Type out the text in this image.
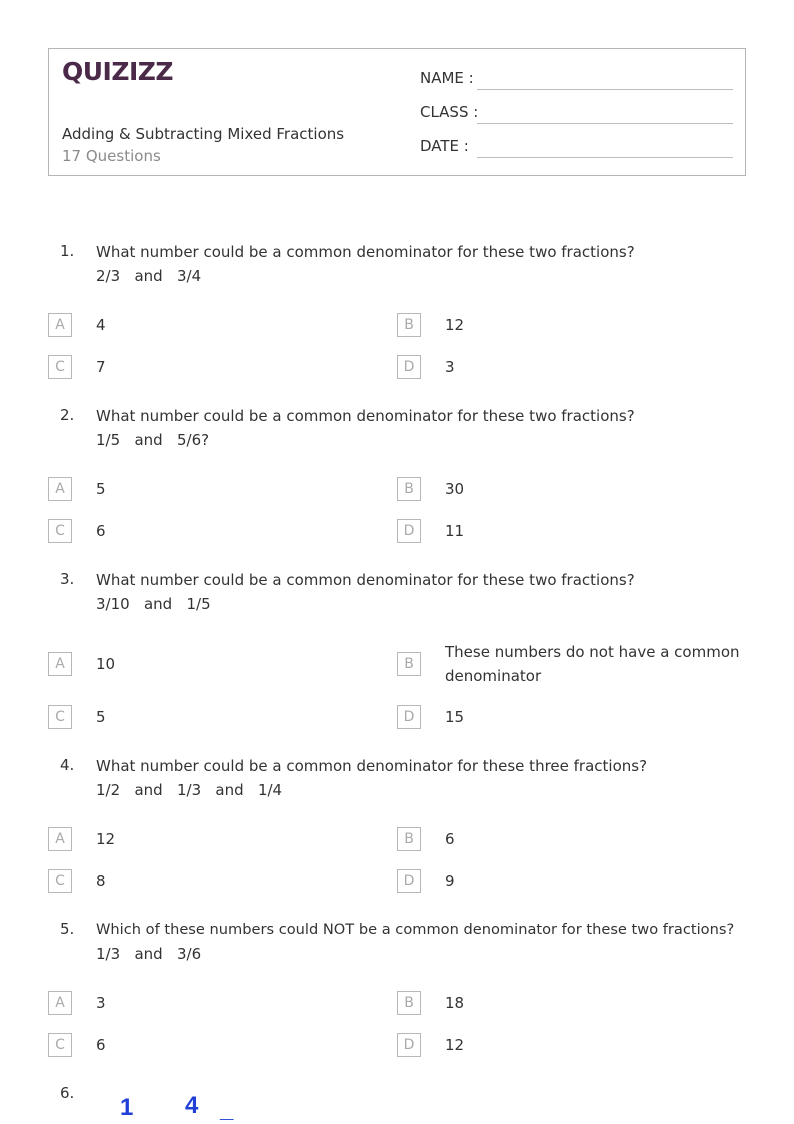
QUIZIZZ
Adding & Subtracting Mixed Fractions
17 Questions
NAME :
CLASS :
DATE :
1. What number could be a common denominator for these two fractions?
2/3   and   3/4
A	4	B	12
C	7	D	3
2. What number could be a common denominator for these two fractions?
1/5   and   5/6?
A	5	B	30
C	6	D	11
3. What number could be a common denominator for these two fractions?
3/10   and   1/5
A	10	B
These numbers do not have a common
denominator
C	5	D	15
4. What number could be a common denominator for these three fractions?
1/2   and   1/3   and   1/4
A	12	B	6
C	8	D	9
5. Which of these numbers could NOT be a common denominator for these two fractions?
1/3   and   3/6
A	3	B	18
C	6	D	12
6.
1 4 _
